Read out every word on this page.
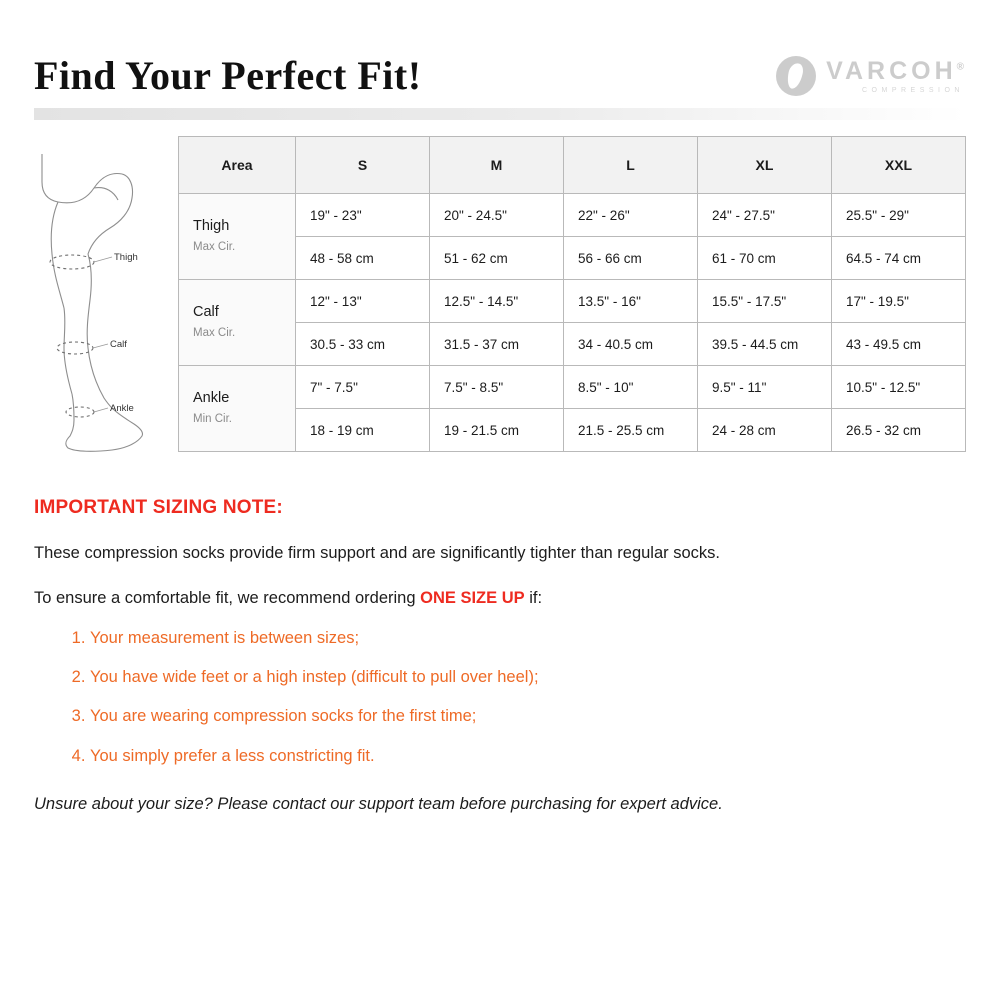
Find Your Perfect Fit!	VARCOH®
COMPRESSION
Thigh
Calf
Ankle
Area	S	M	L	XL	XXL
Thigh
Max Cir.	19" - 23"	20" - 24.5"	22" - 26"	24" - 27.5"	25.5" - 29"
	48 - 58 cm	51 - 62 cm	56 - 66 cm	61 - 70 cm	64.5 - 74 cm
Calf
Max Cir.	12" - 13"	12.5" - 14.5"	13.5" - 16"	15.5" - 17.5"	17" - 19.5"
	30.5 - 33 cm	31.5 - 37 cm	34 - 40.5 cm	39.5 - 44.5 cm	43 - 49.5 cm
Ankle
Min Cir.	7" - 7.5"	7.5" - 8.5"	8.5" - 10"	9.5" - 11"	10.5" - 12.5"
	18 - 19 cm	19 - 21.5 cm	21.5 - 25.5 cm	24 - 28 cm	26.5 - 32 cm
IMPORTANT SIZING NOTE:
These compression socks provide firm support and are significantly tighter than regular socks.
To ensure a comfortable fit, we recommend ordering ONE SIZE UP if:
1. Your measurement is between sizes;
2. You have wide feet or a high instep (difficult to pull over heel);
3. You are wearing compression socks for the first time;
4. You simply prefer a less constricting fit.
Unsure about your size? Please contact our support team before purchasing for expert advice.
